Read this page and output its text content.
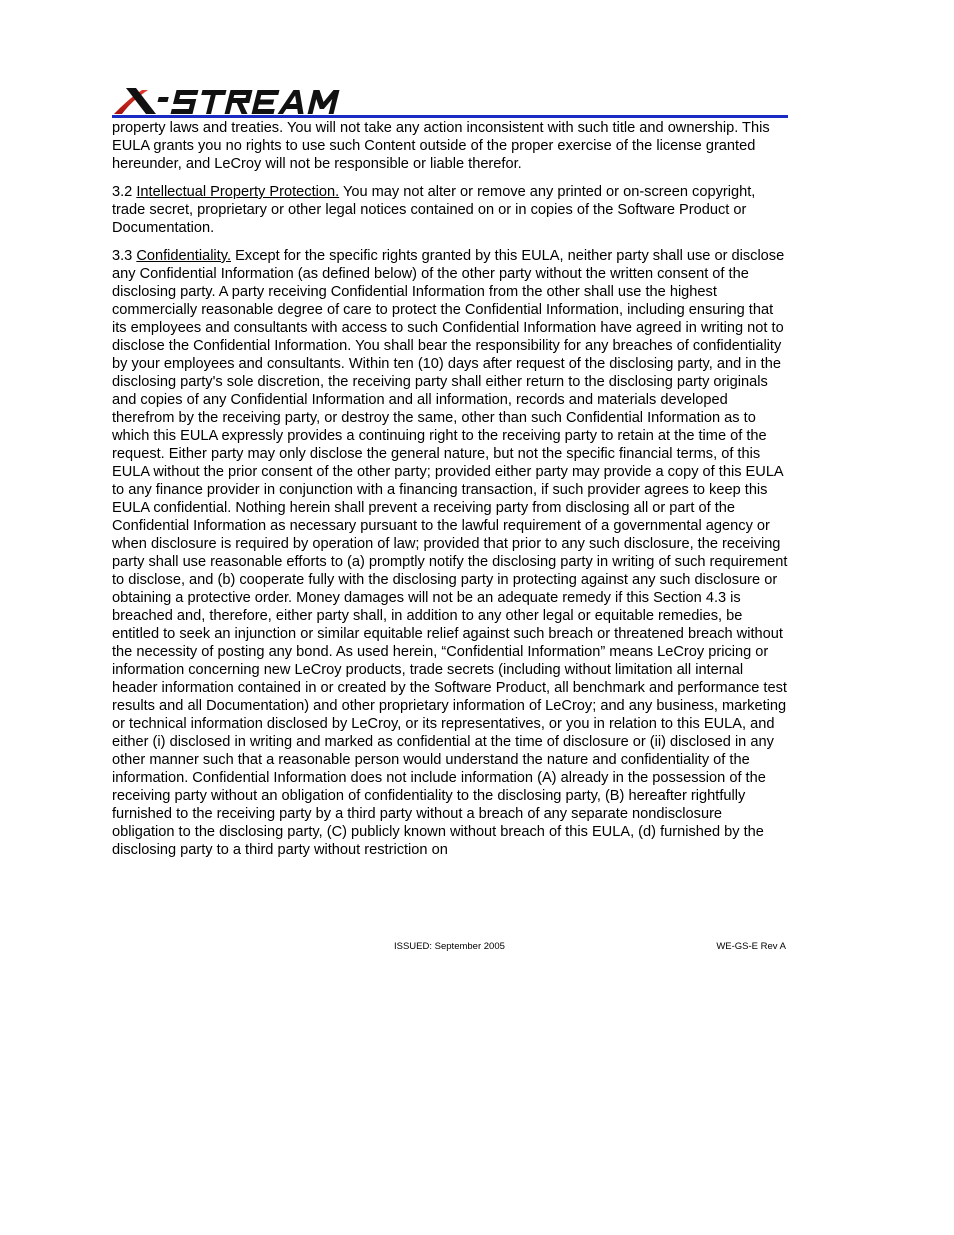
property laws and treaties. You will not take any action inconsistent with such title and ownership. This EULA grants you no rights to use such Content outside of the proper exercise of the license granted hereunder, and LeCroy will not be responsible or liable therefor.

3.2 Intellectual Property Protection. You may not alter or remove any printed or on-screen copyright, trade secret, proprietary or other legal notices contained on or in copies of the Software Product or Documentation.

3.3 Confidentiality. Except for the specific rights granted by this EULA, neither party shall use or disclose any Confidential Information (as defined below) of the other party without the written consent of the disclosing party. A party receiving Confidential Information from the other shall use the highest commercially reasonable degree of care to protect the Confidential Information, including ensuring that its employees and consultants with access to such Confidential Information have agreed in writing not to disclose the Confidential Information. You shall bear the responsibility for any breaches of confidentiality by your employees and consultants. Within ten (10) days after request of the disclosing party, and in the disclosing party's sole discretion, the receiving party shall either return to the disclosing party originals and copies of any Confidential Information and all information, records and materials developed therefrom by the receiving party, or destroy the same, other than such Confidential Information as to which this EULA expressly provides a continuing right to the receiving party to retain at the time of the request. Either party may only disclose the general nature, but not the specific financial terms, of this EULA without the prior consent of the other party; provided either party may provide a copy of this EULA to any finance provider in conjunction with a financing transaction, if such provider agrees to keep this EULA confidential. Nothing herein shall prevent a receiving party from disclosing all or part of the Confidential Information as necessary pursuant to the lawful requirement of a governmental agency or when disclosure is required by operation of law; provided that prior to any such disclosure, the receiving party shall use reasonable efforts to (a) promptly notify the disclosing party in writing of such requirement to disclose, and (b) cooperate fully with the disclosing party in protecting against any such disclosure or obtaining a protective order. Money damages will not be an adequate remedy if this Section 4.3 is breached and, therefore, either party shall, in addition to any other legal or equitable remedies, be entitled to seek an injunction or similar equitable relief against such breach or threatened breach without the necessity of posting any bond. As used herein, “Confidential Information” means LeCroy pricing or information concerning new LeCroy products, trade secrets (including without limitation all internal header information contained in or created by the Software Product, all benchmark and performance test results and all Documentation) and other proprietary information of LeCroy; and any business, marketing or technical information disclosed by LeCroy, or its representatives, or you in relation to this EULA, and either (i) disclosed in writing and marked as confidential at the time of disclosure or (ii) disclosed in any other manner such that a reasonable person would understand the nature and confidentiality of the information. Confidential Information does not include information (A) already in the possession of the receiving party without an obligation of confidentiality to the disclosing party, (B) hereafter rightfully furnished to the receiving party by a third party without a breach of any separate nondisclosure obligation to the disclosing party, (C) publicly known without breach of this EULA, (d) furnished by the disclosing party to a third party without restriction on

ISSUED: September 2005	WE-GS-E Rev A
